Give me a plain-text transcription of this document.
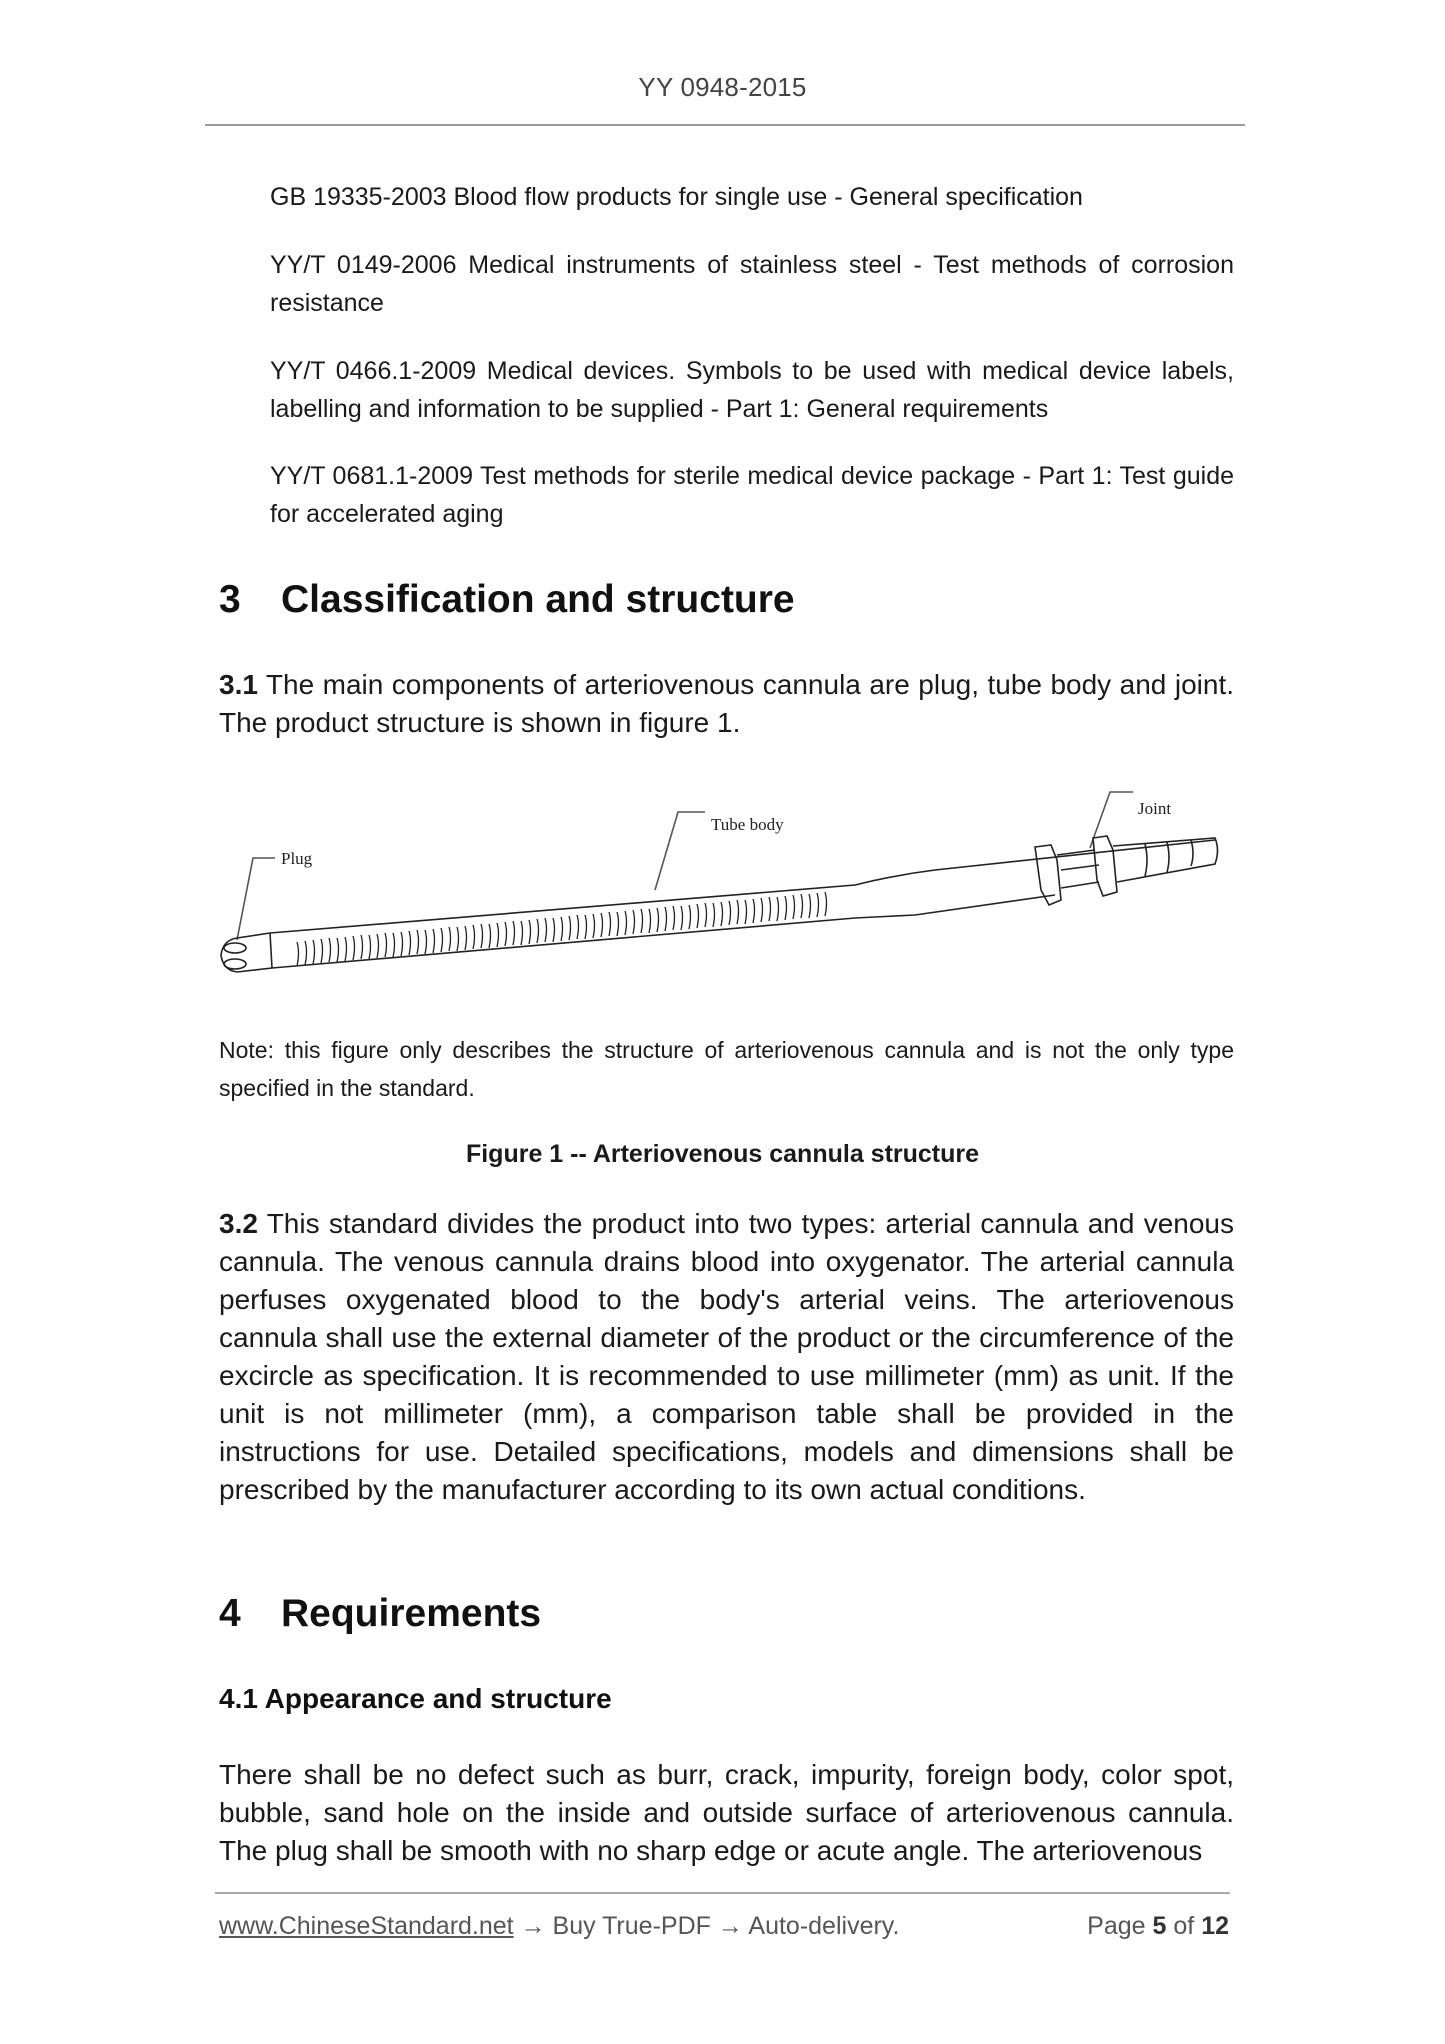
YY 0948-2015
GB 19335-2003 Blood flow products for single use - General specification
YY/T 0149-2006 Medical instruments of stainless steel - Test methods of corrosion resistance
YY/T 0466.1-2009 Medical devices. Symbols to be used with medical device labels, labelling and information to be supplied - Part 1: General requirements
YY/T 0681.1-2009 Test methods for sterile medical device package - Part 1: Test guide for accelerated aging
3 Classification and structure
3.1 The main components of arteriovenous cannula are plug, tube body and joint. The product structure is shown in figure 1.
Plug
Tube body
Joint
Note: this figure only describes the structure of arteriovenous cannula and is not the only type specified in the standard.
Figure 1 -- Arteriovenous cannula structure
3.2 This standard divides the product into two types: arterial cannula and venous cannula. The venous cannula drains blood into oxygenator. The arterial cannula perfuses oxygenated blood to the body's arterial veins. The arteriovenous cannula shall use the external diameter of the product or the circumference of the excircle as specification. It is recommended to use millimeter (mm) as unit. If the unit is not millimeter (mm), a comparison table shall be provided in the instructions for use. Detailed specifications, models and dimensions shall be prescribed by the manufacturer according to its own actual conditions.
4 Requirements
4.1 Appearance and structure
There shall be no defect such as burr, crack, impurity, foreign body, color spot, bubble, sand hole on the inside and outside surface of arteriovenous cannula. The plug shall be smooth with no sharp edge or acute angle. The arteriovenous
www.ChineseStandard.net → Buy True-PDF → Auto-delivery.	Page 5 of 12
